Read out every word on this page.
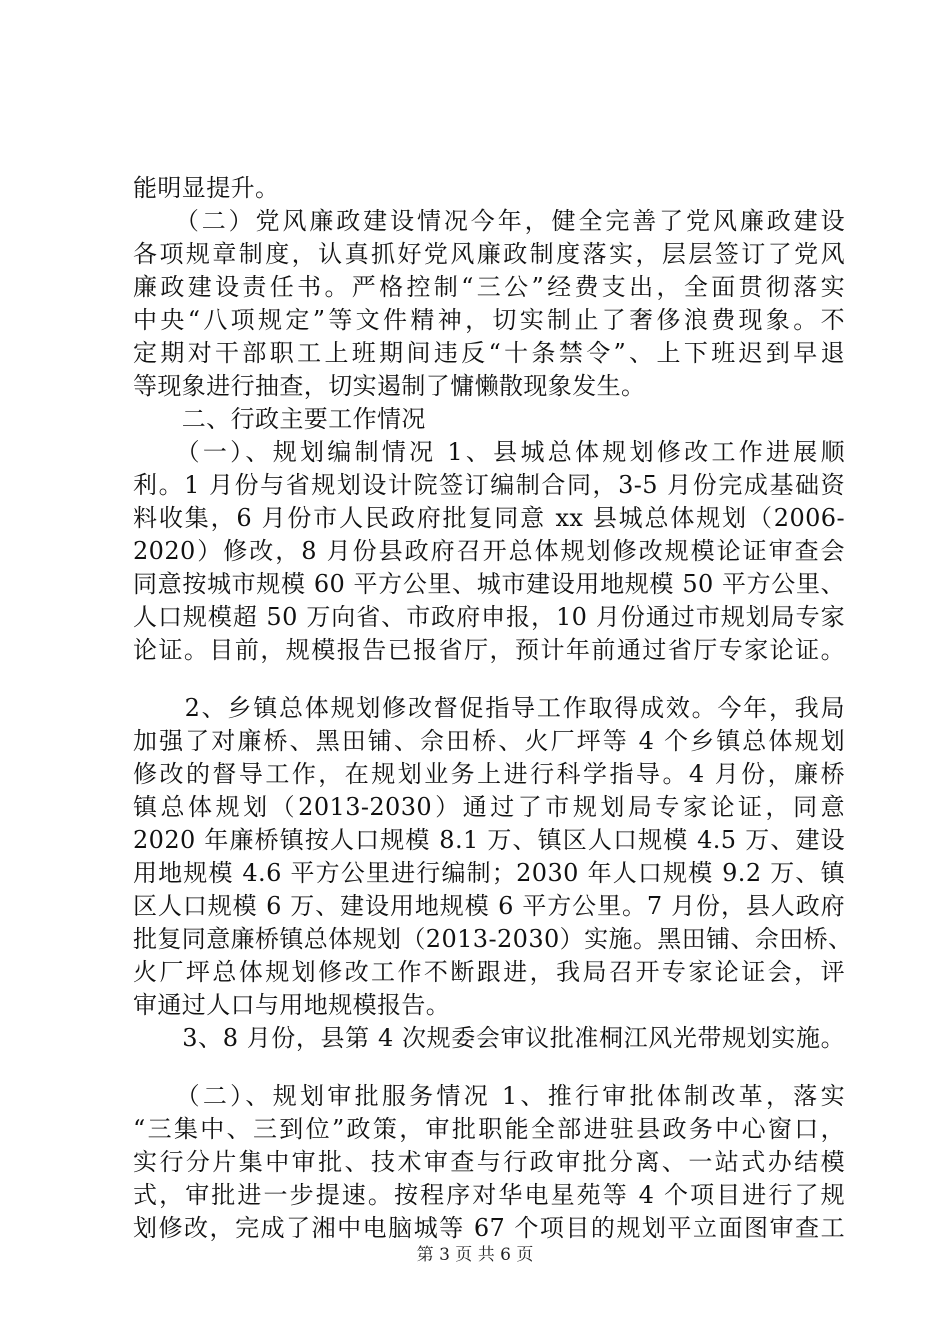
能明显提升。
　　（二）党风廉政建设情况今年，健全完善了党风廉政建设
各项规章制度，认真抓好党风廉政制度落实，层层签订了党风
廉政建设责任书。严格控制“三公”经费支出，全面贯彻落实
中央“八项规定”等文件精神，切实制止了奢侈浪费现象。不
定期对干部职工上班期间违反“十条禁令”、上下班迟到早退
等现象进行抽查，切实遏制了慵懒散现象发生。
　　二、行政主要工作情况
　　（一）、规划编制情况 1、县城总体规划修改工作进展顺
利。1 月份与省规划设计院签订编制合同，3-5 月份完成基础资
料收集，6 月份市人民政府批复同意 xx 县城总体规划（2006-
2020）修改，8 月份县政府召开总体规划修改规模论证审查会
同意按城市规模 60 平方公里、城市建设用地规模 50 平方公里、
人口规模超 50 万向省、市政府申报，10 月份通过市规划局专家
论证。目前，规模报告已报省厅，预计年前通过省厅专家论证。
　　2、乡镇总体规划修改督促指导工作取得成效。今年，我局
加强了对廉桥、黑田铺、佘田桥、火厂坪等 4 个乡镇总体规划
修改的督导工作，在规划业务上进行科学指导。4 月份，廉桥
镇总体规划（2013-2030）通过了市规划局专家论证，同意
2020 年廉桥镇按人口规模 8.1 万、镇区人口规模 4.5 万、建设
用地规模 4.6 平方公里进行编制；2030 年人口规模 9.2 万、镇
区人口规模 6 万、建设用地规模 6 平方公里。7 月份，县人政府
批复同意廉桥镇总体规划（2013-2030）实施。黑田铺、佘田桥、
火厂坪总体规划修改工作不断跟进，我局召开专家论证会，评
审通过人口与用地规模报告。
　　3、8 月份，县第 4 次规委会审议批准桐江风光带规划实施。
　　（二）、规划审批服务情况 1、推行审批体制改革，落实
“三集中、三到位”政策，审批职能全部进驻县政务中心窗口，
实行分片集中审批、技术审查与行政审批分离、一站式办结模
式，审批进一步提速。按程序对华电星苑等 4 个项目进行了规
划修改，完成了湘中电脑城等 67 个项目的规划平立面图审查工
第 3 页 共 6 页
